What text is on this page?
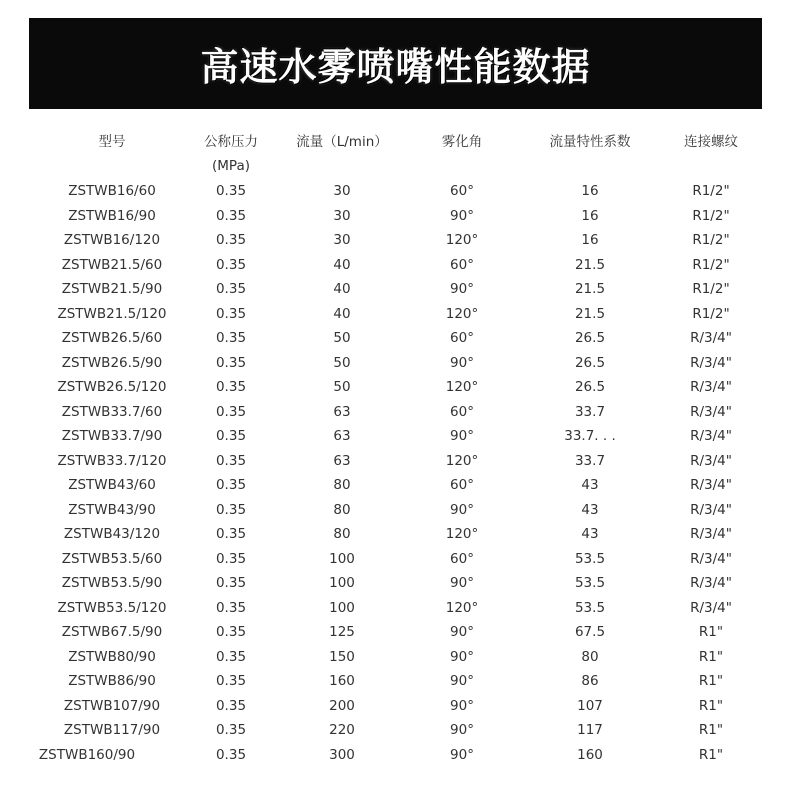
高速水雾喷嘴性能数据
型号	公称压力	流量（L/min）	雾化角	流量特性系数	连接螺纹
(MPa)
ZSTWB16/60	0.35	30	60°	16	R1/2"
ZSTWB16/90	0.35	30	90°	16	R1/2"
ZSTWB16/120	0.35	30	120°	16	R1/2"
ZSTWB21.5/60	0.35	40	60°	21.5	R1/2"
ZSTWB21.5/90	0.35	40	90°	21.5	R1/2"
ZSTWB21.5/120	0.35	40	120°	21.5	R1/2"
ZSTWB26.5/60	0.35	50	60°	26.5	R/3/4"
ZSTWB26.5/90	0.35	50	90°	26.5	R/3/4"
ZSTWB26.5/120	0.35	50	120°	26.5	R/3/4"
ZSTWB33.7/60	0.35	63	60°	33.7	R/3/4"
ZSTWB33.7/90	0.35	63	90°	33.7. . .	R/3/4"
ZSTWB33.7/120	0.35	63	120°	33.7	R/3/4"
ZSTWB43/60	0.35	80	60°	43	R/3/4"
ZSTWB43/90	0.35	80	90°	43	R/3/4"
ZSTWB43/120	0.35	80	120°	43	R/3/4"
ZSTWB53.5/60	0.35	100	60°	53.5	R/3/4"
ZSTWB53.5/90	0.35	100	90°	53.5	R/3/4"
ZSTWB53.5/120	0.35	100	120°	53.5	R/3/4"
ZSTWB67.5/90	0.35	125	90°	67.5	R1"
ZSTWB80/90	0.35	150	90°	80	R1"
ZSTWB86/90	0.35	160	90°	86	R1"
ZSTWB107/90	0.35	200	90°	107	R1"
ZSTWB117/90	0.35	220	90°	117	R1"
ZSTWB160/90	0.35	300	90°	160	R1"
